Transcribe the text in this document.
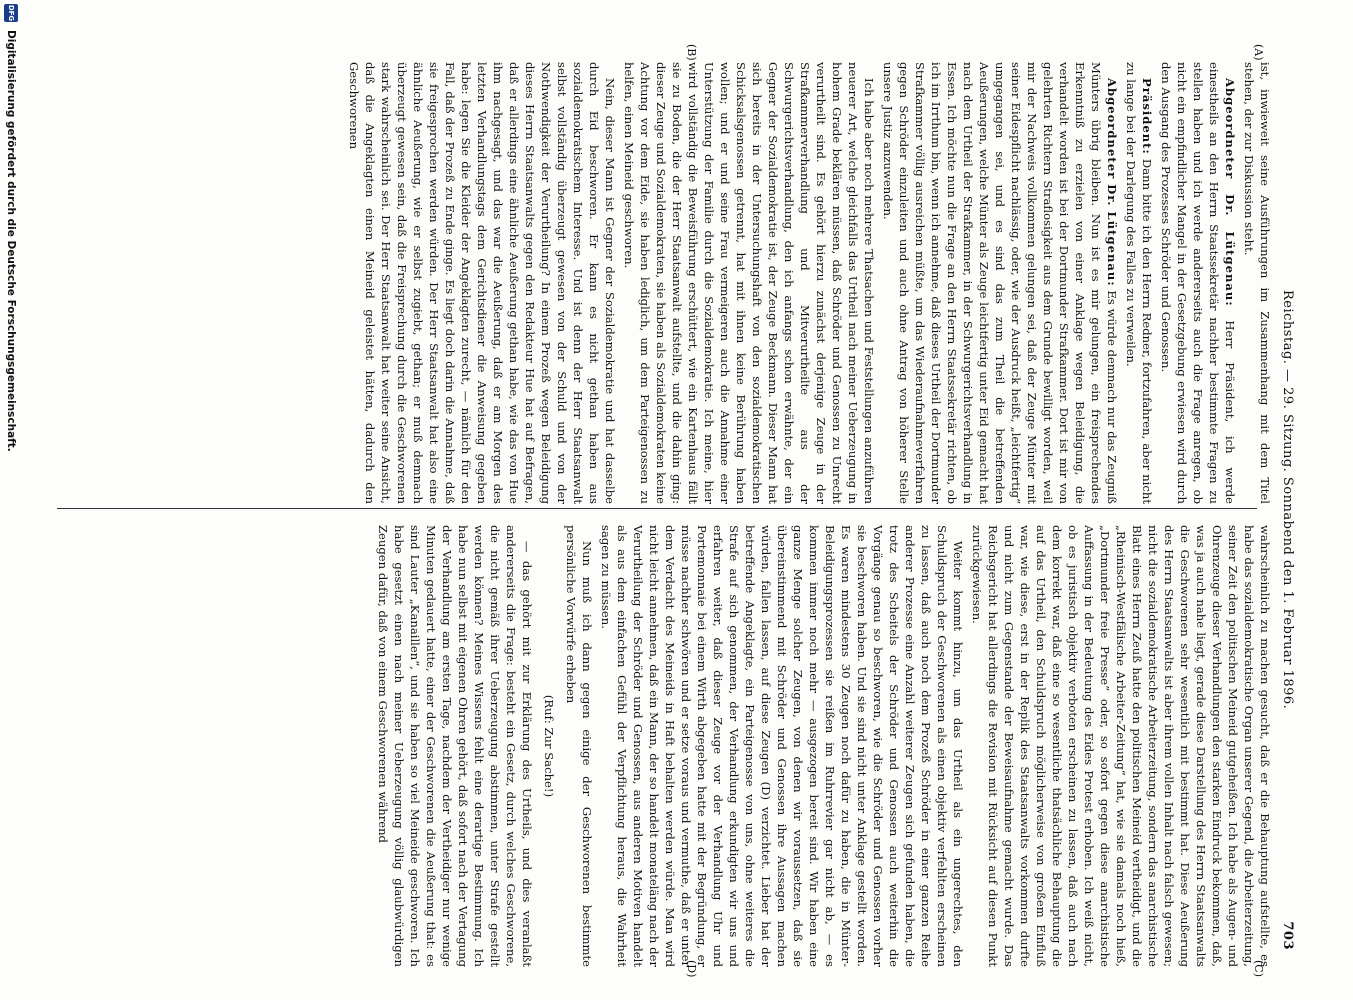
Reichstag. — 29. Sitzung. Sonnabend den 1. Februar 1896.
703
(A)
(B)
(C)
(D)

ist, inwieweit seine Ausführungen im Zusammenhang mit dem Titel stehen, der zur Diskussion steht.

Abgeordneter Dr. Lütgenau: Herr Präsident, ich werde einestheils an den Herrn Staatssekretär nachher bestimmte Fragen zu stellen haben und ich werde andererseits auch die Frage anregen, ob nicht ein empfindlicher Mangel in der Gesetzgebung erwiesen wird durch den Ausgang des Prozesses Schröder und Genossen.

Präsident: Dann bitte ich den Herrn Redner, fortzufahren, aber nicht zu lange bei der Darlegung des Falles zu verweilen.

Abgeordneter Dr. Lütgenau: Es würde demnach nur das Zeugniß Münters übrig bleiben. Nun ist es mir gelungen, ein freisprechendes Erkenntniß zu erzielen von einer Anklage wegen Beleidigung, die verhandelt worden ist bei der Dortmunder Strafkammer. Dort ist mir von gelehrten Richtern Straflosigkeit aus dem Grunde bewilligt worden, weil mir der Nachweis vollkommen gelungen sei, daß der Zeuge Münter mit seiner Eidespflicht nachlässig, oder, wie der Ausdruck heißt, „leichtfertig“ umgegangen sei, und es sind das zum Theil die betreffenden Aeußerungen, welche Münter als Zeuge leichtfertig unter Eid gemacht hat nach dem Urtheil der Strafkammer, in der Schwurgerichtsverhandlung in Essen. Ich möchte nun die Frage an den Herrn Staatssekretär richten, ob ich im Irrthum bin, wenn ich annehme, daß dieses Urtheil der Dortmunder Strafkammer völlig ausreichen müßte, um das Wiederaufnahmeverfahren gegen Schröder einzuleiten und auch ohne Antrag von höherer Stelle unsere Justiz anzuwenden.

Ich habe aber noch mehrere Thatsachen und Feststellungen anzuführen neuerer Art, welche gleichfalls das Urtheil nach meiner Ueberzeugung in hohem Grade beklären müssen, daß Schröder und Genossen zu Unrecht verurtheilt sind. Es gehört hierzu zunächst derjenige Zeuge in der Strafkammerverhandlung und Mitverurtheilte aus der Schwurgerichtsverhandlung, den ich anfangs schon erwähnte, der ein Gegner der Sozialdemokratie ist, der Zeuge Beckmann. Dieser Mann hat sich bereits in der Untersuchungshaft von den sozialdemokratischen Schicksalsgenossen getrennt, hat mit ihnen keine Berührung haben wollen; und er und seine Frau vermeigeren auch die Annahme einer Unterstützung der Familie durch die Sozialdemokratie. Ich meine, hier wird vollständig die Beweisführung erschüttert, wie ein Kartenhaus fällt sie zu Boden, die der Herr Staatsanwalt aufstellte, und die dahin ging: dieser Zeuge und Sozialdemokraten, sie haben als Sozialdemokraten keine Achtung vor dem Eide, sie haben lediglich, um dem Parteigenossen zu helfen, einen Meineid geschworen.

Nein, dieser Mann ist Gegner der Sozialdemokratie und hat dasselbe durch Eid beschworen. Er kann es nicht gethan haben aus sozialdemokratischem Interesse. Und ist denn der Herr Staatsanwalt selbst vollständig überzeugt gewesen von der Schuld und von der Nothwendigkeit der Verurtheilung? In einem Prozeß wegen Beleidigung dieses Herrn Staatsanwalts gegen den Redakteur Hue hat auf Befragen, daß er allerdings eine ähnliche Aeußerung gethan habe, wie das von Hue ihm nachgesagt, und das war die Aeußerung, daß er am Morgen des letzten Verhandlungstags dem Gerichtsdiener die Anweisung gegeben habe: legen Sie die Kleider der Angeklagten zurecht, — nämlich für den Fall, daß der Prozeß zu Ende ginge. Es liegt doch darin die Annahme, daß sie freigesprochen werden würden. Der Herr Staatsanwalt hat also eine ähnliche Aeußerung, wie er selbst zugiebt, gethan; er muß demnach überzeugt gewesen sein, daß die Freisprechung durch die Geschworenen stark wahrscheinlich sei. Der Herr Staatsanwalt hat weiter seine Ansicht, daß die Angeklagten einen Meineid geleistet hätten, dadurch den Geschworenen

wahrscheinlich zu machen gesucht, daß er die Behauptung aufstellte, es habe das sozialdemokratische Organ unserer Gegend, die Arbeiterzeitung, seiner Zeit den politischen Meineid gutgeheißen. Ich habe als Augen- und Ohrenzeuge dieser Verhandlungen den starken Eindruck bekommen, daß, was ja auch nahe liegt, gerade diese Darstellung des Herrn Staatsanwalts die Geschworenen sehr wesentlich mit bestimmt hat. Diese Aeußerung des Herrn Staatsanwalts ist aber ihrem vollen Inhalt nach falsch gewesen; nicht die sozialdemokratische Arbeiterzeitung, sondern das anarchistische Blatt eines Herrn Zeuß hatte den politischen Meineid vertheidigt, und die „Rheinisch-Westfälische Arbeiter-Zeitung“ hat, wie sie damals noch hieß, „Dortmunder freie Presse“ oder, so sofort gegen diese anarchistische Auffassung in der Bedeutung des Eides Protest erhoben. Ich weiß nicht, ob es juristisch objektiv verboten erscheinen zu lassen, daß auch nach dem korrekt war, daß eine so wesentliche thatsächliche Behauptung die auf das Urtheil, den Schuldspruch möglicherweise von großem Einfluß war, wie diese, erst in der Replik des Staatsanwalts vorkommen durfte und nicht zum Gegenstande der Beweisaufnahme gemacht wurde. Das Reichsgericht hat allerdings die Revision mit Rücksicht auf diesen Punkt zurückgewiesen.

Weiter kommt hinzu, um das Urtheil als ein ungerechtes, den Schuldspruch der Geschworenen als einen objektiv verfehlten erscheinen zu lassen, daß auch noch dem Prozeß Schröder in einer ganzen Reihe anderer Prozesse eine Anzahl weiterer Zeugen sich gefunden haben, die trotz des Scheitels der Schröder und Genossen auch weiterhin die Vorgänge genau so beschworen, wie die Schröder und Genossen vorher sie beschworen haben. Und sie sind nicht unter Anklage gestellt worden. Es waren mindestens 30 Zeugen noch dafür zu haben, die in Münter-Beleidigungsprozessen sie reißen im Ruhrrevier gar nicht ab, — es kommen immer noch mehr — ausgezogen bereit sind. Wir haben eine ganze Menge solcher Zeugen, von denen wir voraussetzen, daß sie übereinstimmend mit Schröder und Genossen ihre Aussagen machen würden, fallen lassen, auf diese Zeugen (D) verzichtet. Lieber hat der betreffende Angeklagte, ein Parteigenosse von uns, ohne weiteres die Strafe auf sich genommen, der Verhandlung erkundigten wir uns und erfahren weiter, daß dieser Zeuge vor der Verhandlung Uhr und Portemonnaie bei einem Wirth abgegeben hatte mit der Begründung, er müsse nachher schwören und er setze voraus und vermuthe, daß er unter dem Verdacht des Meineids in Haft behalten werden würde. Man wird nicht leicht annehmen, daß ein Mann, der so handelt monateläng nach der Verurtheilung der Schröder und Genossen, aus anderen Motiven handelt als aus dem einfachen Gefühl der Verpflichtung heraus, die Wahrheit sagen zu müssen.

Nun muß ich dann gegen einige der Geschworenen bestimmte persönliche Vorwürfe erheben

(Ruf: Zur Sache!)

— das gehört mit zur Erklärung des Urtheils, und dies veranlaßt andererseits die Frage: besteht ein Gesetz, durch welches Geschworene, die nicht gemäß ihrer Ueberzeugung abstimmen, unter Strafe gestellt werden können? Meines Wissens fehlt eine derartige Bestimmung. Ich habe nun selbst mit eigenen Ohren gehört, daß sofort nach der Vertagung der Verhandlung am ersten Tage, nachdem der Vertheidiger nur wenige Minuten gedauert hatte, einer der Geschworenen die Aeußerung that: es sind Lauter „Kanaillen“, und sie haben so viel Meineide geschworen. Ich habe gesetzt einen nach meiner Ueberzeugung völlig glaubwürdigen Zeugen dafür, daß von einem Geschworenen während

DFG
Digitalisierung gefördert durch die Deutsche Forschungsgemeinschaft.
